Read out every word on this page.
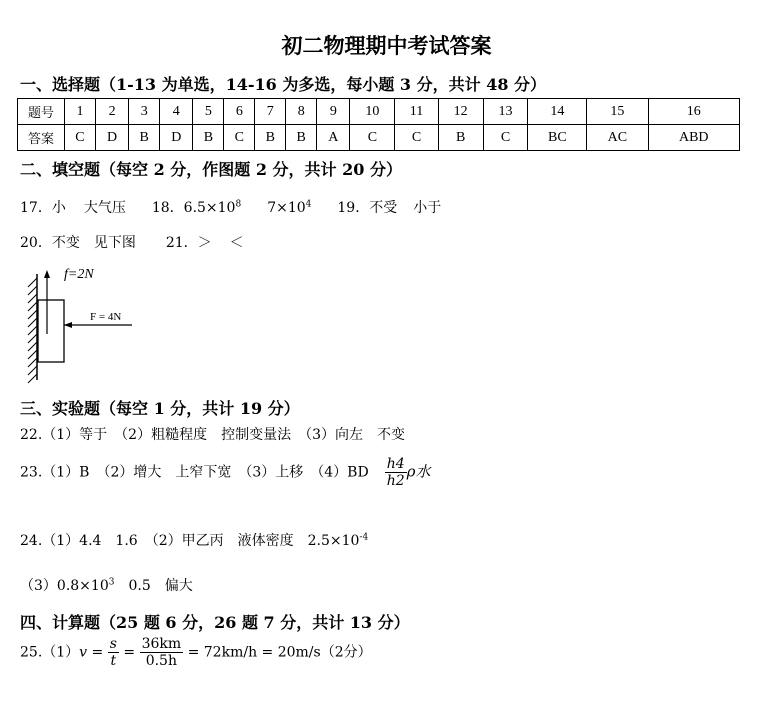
初二物理期中考试答案
一、选择题（1-13 为单选，14-16 为多选，每小题 3 分，共计 48 分）
题号	1	2	3	4	5	6	7	8	9	10	11	12	13	14	15	16
答案	C	D	B	D	B	C	B	B	A	C	C	B	C	BC	AC	ABD
二、填空题（每空 2 分，作图题 2 分，共计 20 分）
17．小 大气压 18．$6.5\times 10^8$ $7\times 10^4$ 19．不受 小于
20．不变 见下图 21．＞ ＜
f=2N
F = 4N
三、实验题（每空 1 分，共计 19 分）
22.（1）等于　（2）粗糙程度　控制变量法　（3）向左　不变
23.（1）B　（2）增大　上窄下宽　（3）上移　$(4)BD \frac{h4}{h2}$ ρ水
24.（1）4.4　1.6　（2）甲乙丙　液体密度　$2.5\times 10^{-4}$
$(3)0.8\times 10^3$　0.5　偏大
四、计算题（25 题 6 分，26 题 7 分，共计 13 分）
$25.(1)v = \frac{s}{t} = \frac{36km}{0.5h} = 72km/h = 20m/s(2$分）
